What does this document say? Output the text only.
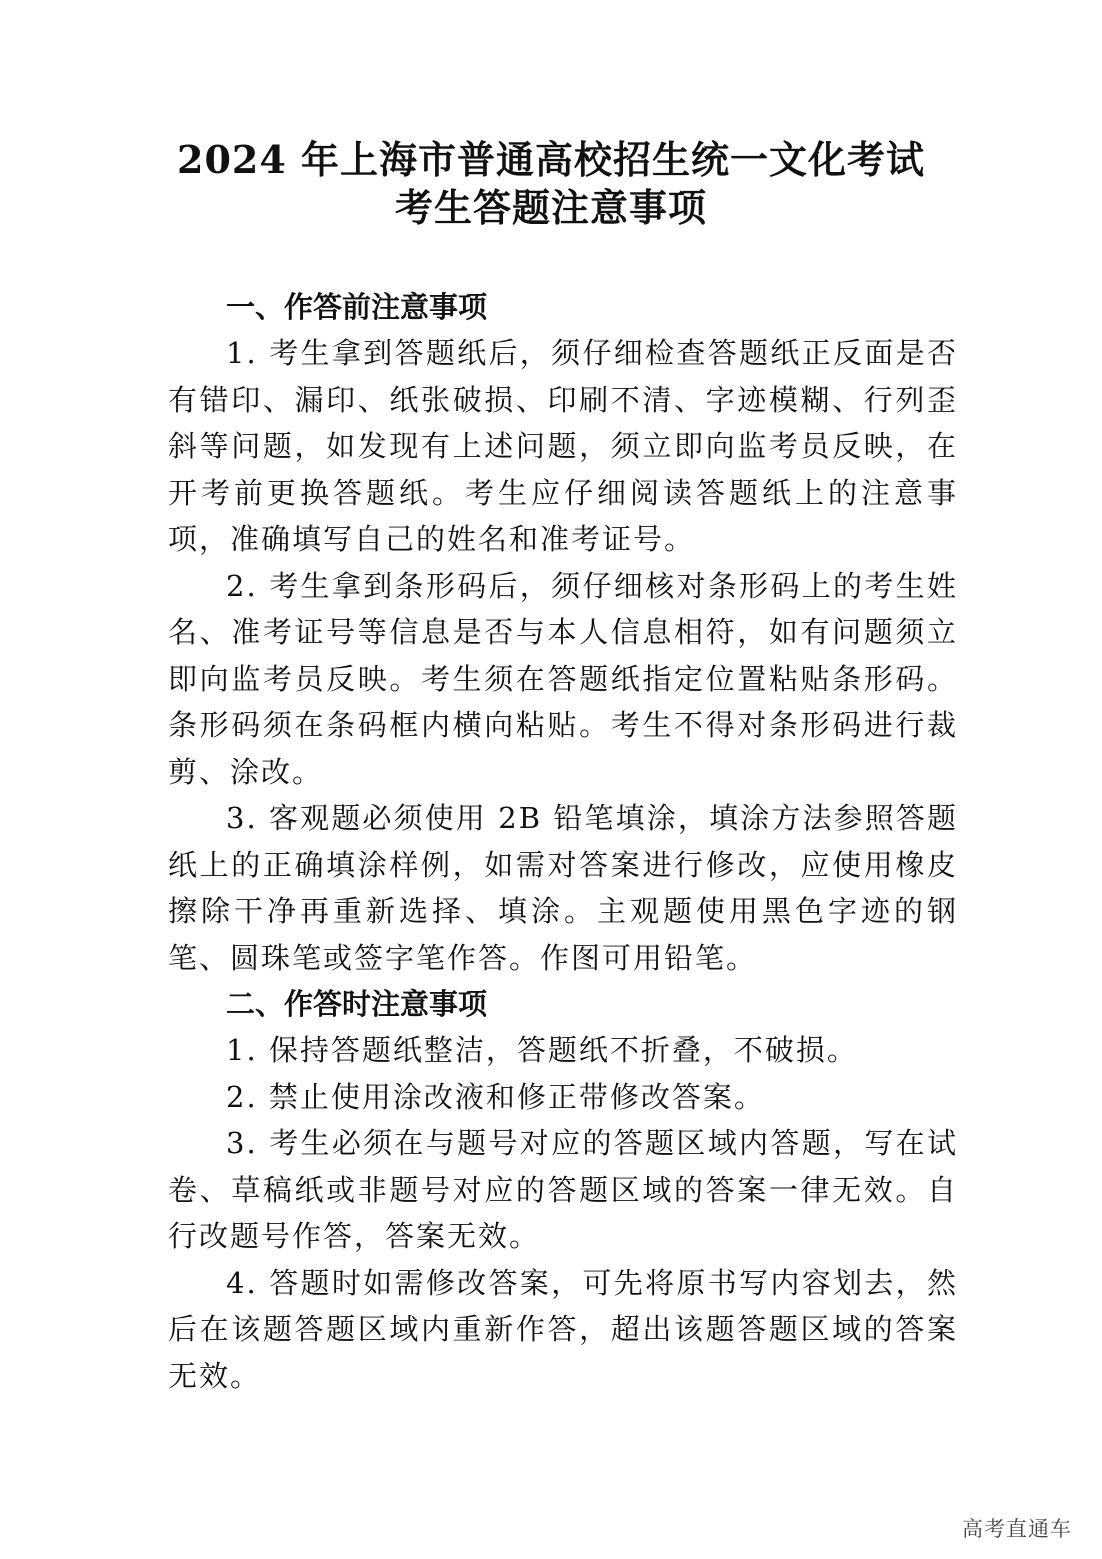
2024 年上海市普通高校招生统一文化考试
考生答题注意事项
一、作答前注意事项

1. 考生拿到答题纸后，须仔细检查答题纸正反面是否有错印、漏印、纸张破损、印刷不清、字迹模糊、行列歪斜等问题，如发现有上述问题，须立即向监考员反映，在开考前更换答题纸。考生应仔细阅读答题纸上的注意事项，准确填写自己的姓名和准考证号。

2. 考生拿到条形码后，须仔细核对条形码上的考生姓名、准考证号等信息是否与本人信息相符，如有问题须立即向监考员反映。考生须在答题纸指定位置粘贴条形码。条形码须在条码框内横向粘贴。考生不得对条形码进行裁剪、涂改。

3. 客观题必须使用 2B 铅笔填涂，填涂方法参照答题纸上的正确填涂样例，如需对答案进行修改，应使用橡皮擦除干净再重新选择、填涂。主观题使用黑色字迹的钢笔、圆珠笔或签字笔作答。作图可用铅笔。

二、作答时注意事项

1. 保持答题纸整洁，答题纸不折叠，不破损。

2. 禁止使用涂改液和修正带修改答案。

3. 考生必须在与题号对应的答题区域内答题，写在试卷、草稿纸或非题号对应的答题区域的答案一律无效。自行改题号作答，答案无效。

4. 答题时如需修改答案，可先将原书写内容划去，然后在该题答题区域内重新作答，超出该题答题区域的答案无效。

高考直通车
